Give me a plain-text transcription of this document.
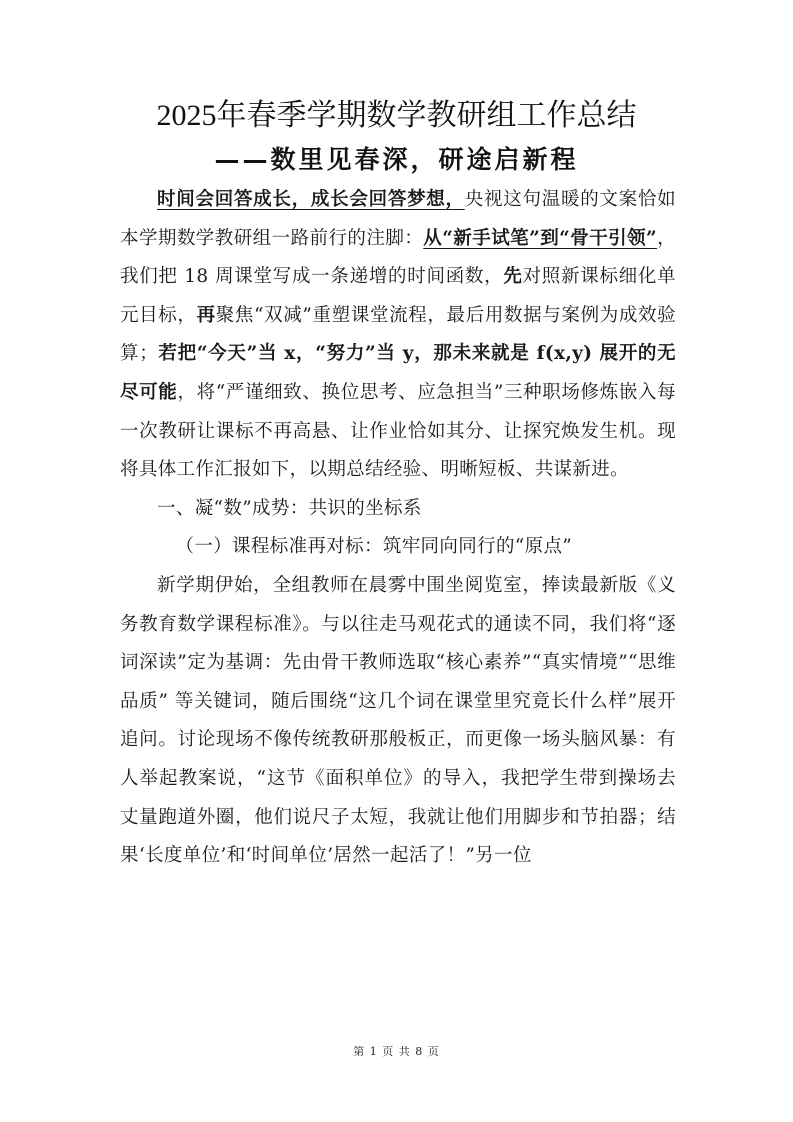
2025年春季学期数学教研组工作总结
——数里见春深，研途启新程

时间会回答成长，成长会回答梦想，央视这句温暖的文案恰如本学期数学教研组一路前行的注脚：从“新手试笔”到“骨干引领”，我们把 18 周课堂写成一条递增的时间函数，先对照新课标细化单元目标，再聚焦“双减”重塑课堂流程，最后用数据与案例为成效验算；若把“今天”当 x，“努力”当 y，那未来就是 f(x,y) 展开的无尽可能，将“严谨细致、换位思考、应急担当”三种职场修炼嵌入每一次教研让课标不再高悬、让作业恰如其分、让探究焕发生机。现将具体工作汇报如下，以期总结经验、明晰短板、共谋新进。

一、凝“数”成势：共识的坐标系
（一）课程标准再对标：筑牢同向同行的“原点”

新学期伊始，全组教师在晨雾中围坐阅览室，捧读最新版《义务教育数学课程标准》。与以往走马观花式的通读不同，我们将“逐词深读”定为基调：先由骨干教师选取“核心素养”“真实情境”“思维品质” 等关键词，随后围绕“这几个词在课堂里究竟长什么样”展开追问。讨论现场不像传统教研那般板正，而更像一场头脑风暴：有人举起教案说，“这节《面积单位》的导入，我把学生带到操场去丈量跑道外圈，他们说尺子太短，我就让他们用脚步和节拍器；结果‘长度单位’和‘时间单位’居然一起活了！”另一位

第 1 页 共 8 页
